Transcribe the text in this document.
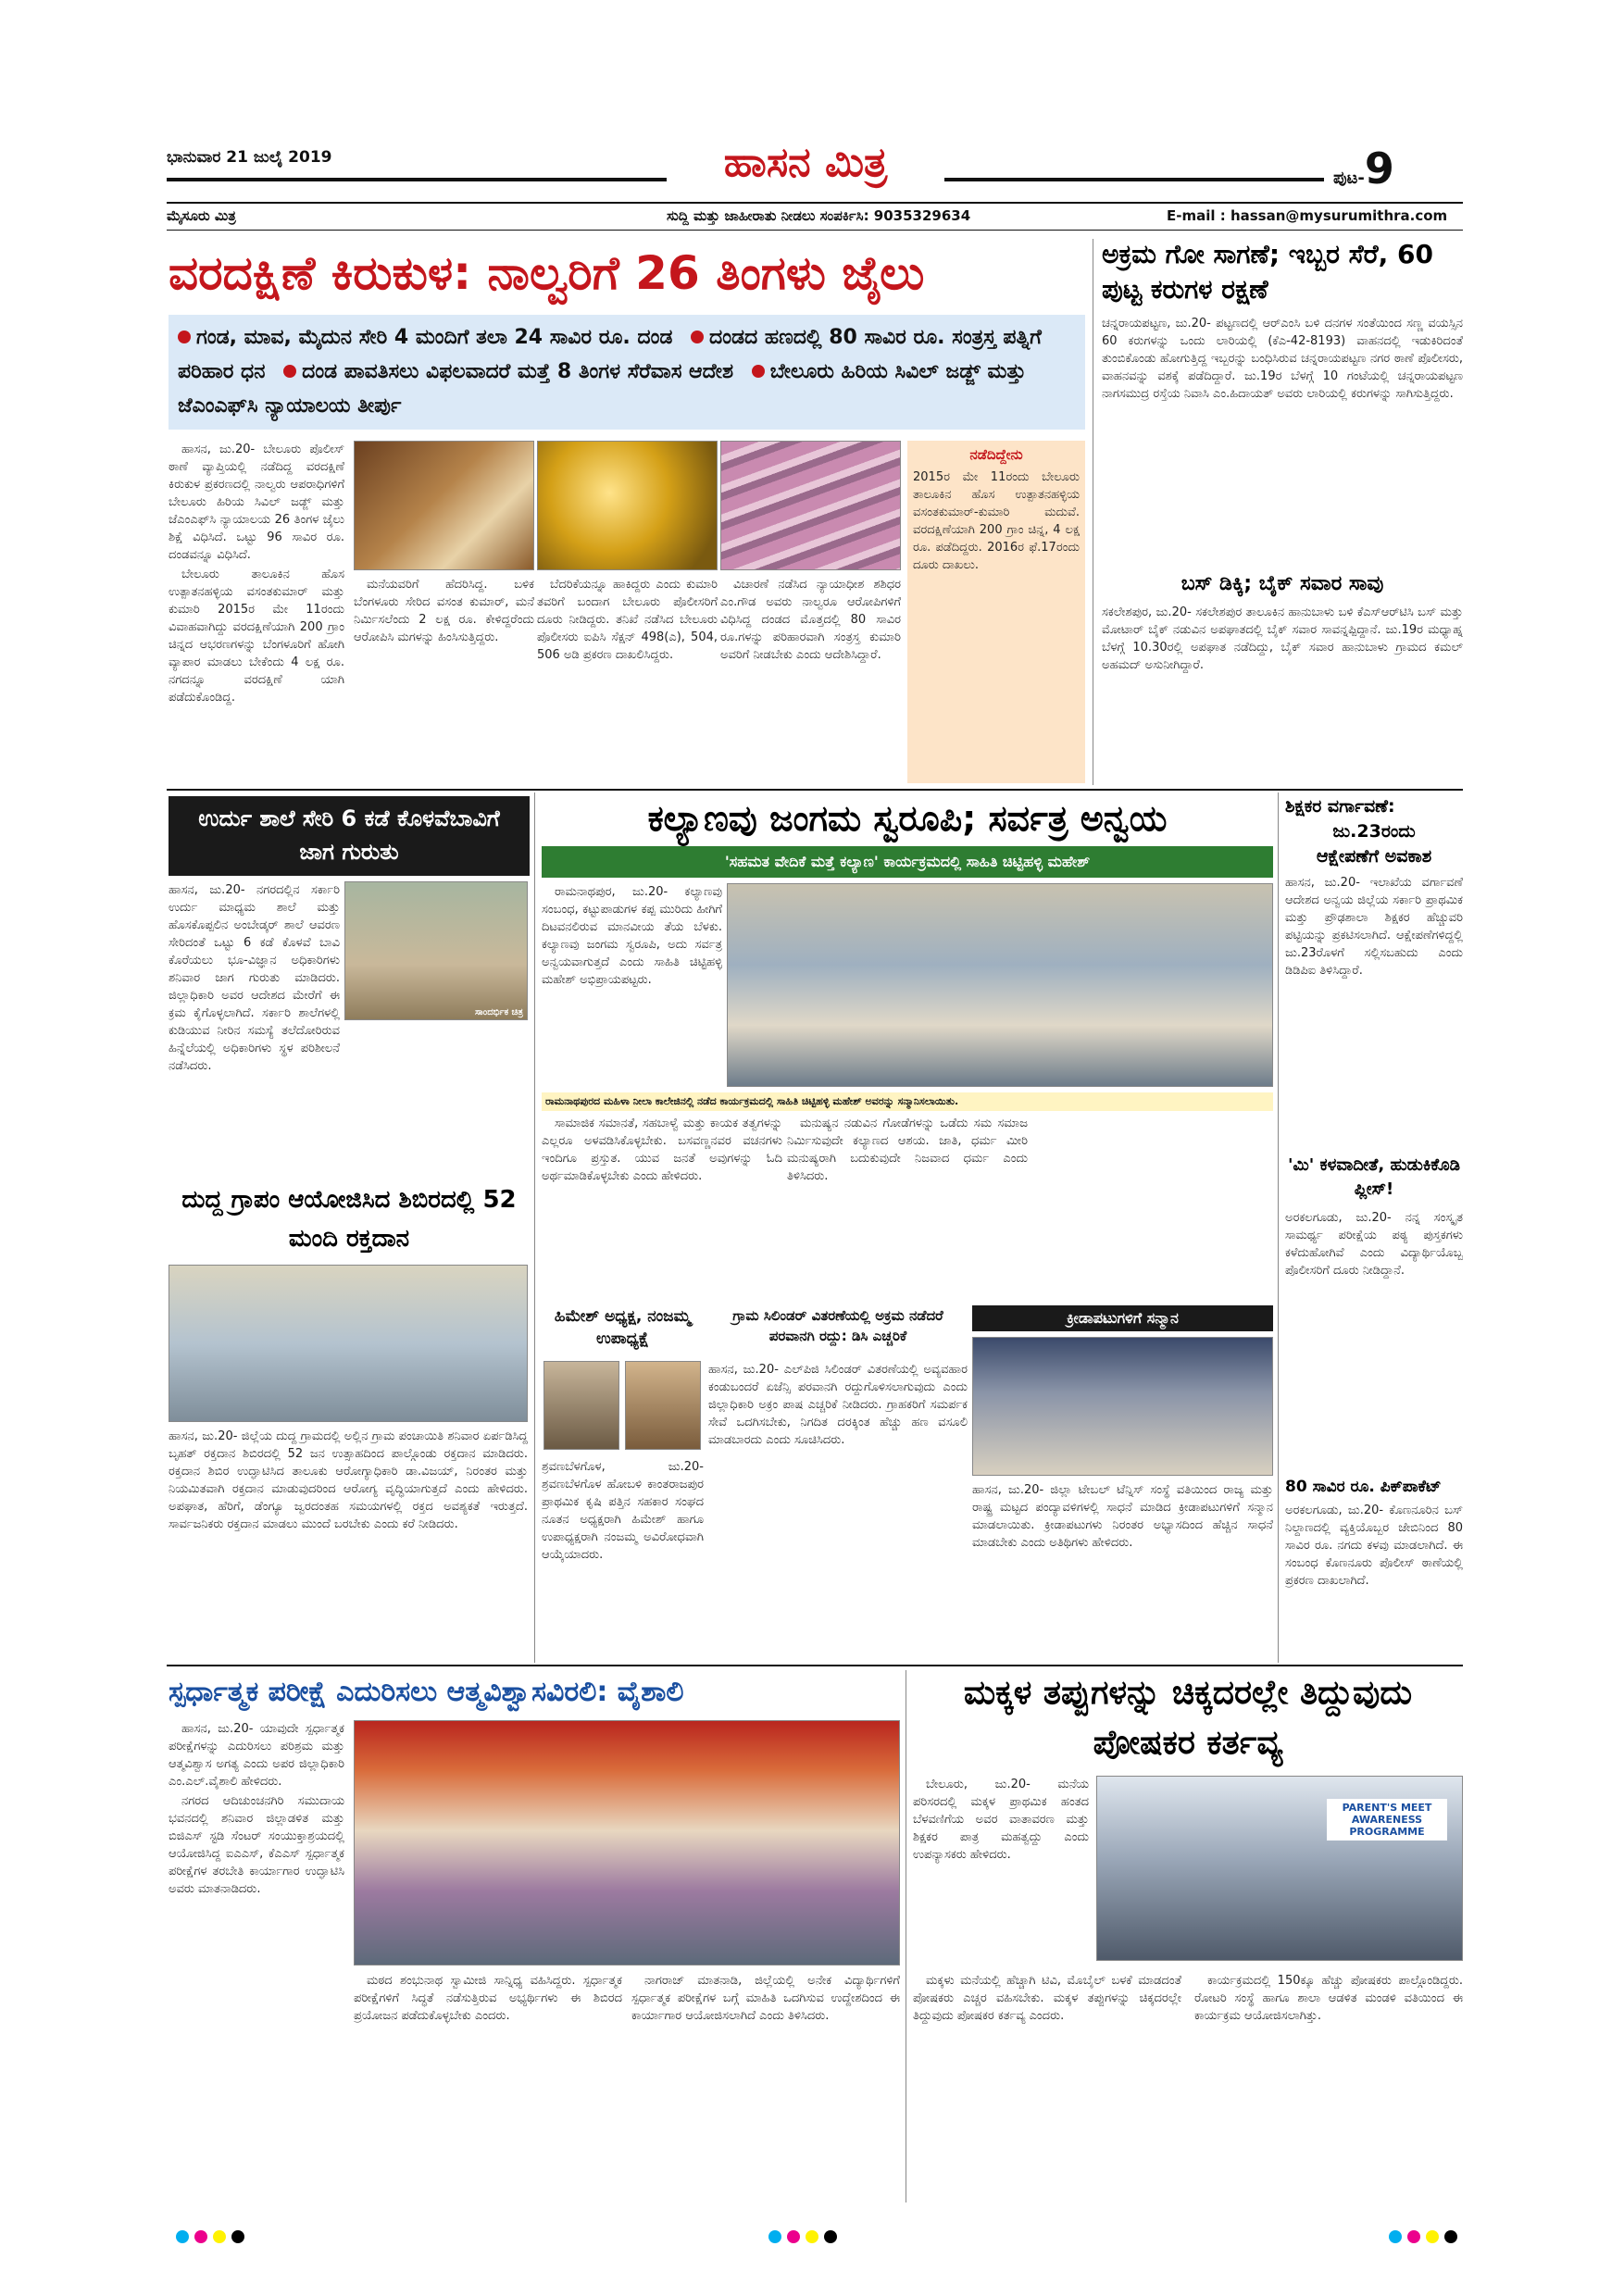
ಭಾನುವಾರ 21 ಜುಲೈ 2019	ಹಾಸನ ಮಿತ್ರ	ಪುಟ-9
ಮೈಸೂರು ಮಿತ್ರ	ಸುದ್ದಿ ಮತ್ತು ಜಾಹೀರಾತು ನೀಡಲು ಸಂಪರ್ಕಿಸಿ: 9035329634	E-mail : hassan@mysurumithra.com
ವರದಕ್ಷಿಣೆ ಕಿರುಕುಳ: ನಾಲ್ವರಿಗೆ 26 ತಿಂಗಳು ಜೈಲು
ಗಂಡ, ಮಾವ, ಮೈದುನ ಸೇರಿ 4 ಮಂದಿಗೆ ತಲಾ 24 ಸಾವಿರ ರೂ. ದಂಡ ದಂಡದ ಹಣದಲ್ಲಿ 80 ಸಾವಿರ ರೂ. ಸಂತ್ರಸ್ತ ಪತ್ನಿಗೆ ಪರಿಹಾರ ಧನ ದಂಡ ಪಾವತಿಸಲು ವಿಫಲವಾದರೆ ಮತ್ತೆ 8 ತಿಂಗಳ ಸೆರೆವಾಸ ಆದೇಶ ಬೇಲೂರು ಹಿರಿಯ ಸಿವಿಲ್ ಜಡ್ಜ್ ಮತ್ತು ಜೆಎಂಎಫ್‌ಸಿ ನ್ಯಾಯಾಲಯ ತೀರ್ಪು

ಹಾಸನ, ಜು.20- ಬೇಲೂರು ಪೊಲೀಸ್ ಠಾಣೆ ವ್ಯಾಪ್ತಿಯಲ್ಲಿ ನಡೆದಿದ್ದ ವರದಕ್ಷಿಣೆ ಕಿರುಕುಳ ಪ್ರಕರಣದಲ್ಲಿ ನಾಲ್ವರು ಆಪರಾಧಿಗಳಿಗೆ ಬೇಲೂರು ಹಿರಿಯ ಸಿವಿಲ್ ಜಡ್ಜ್ ಮತ್ತು ಜೆಎಂಎಫ್‌ಸಿ ನ್ಯಾಯಾಲಯ 26 ತಿಂಗಳ ಜೈಲು ಶಿಕ್ಷೆ ವಿಧಿಸಿದೆ. ಒಟ್ಟು 96 ಸಾವಿರ ರೂ. ದಂಡವನ್ನೂ ವಿಧಿಸಿದೆ.

ಬೇಲೂರು ತಾಲೂಕಿನ ಹೊಸ ಉತ್ಪಾತನಹಳ್ಳಿಯ ವಸಂತಕುಮಾರ್ ಮತ್ತು ಕುಮಾರಿ 2015ರ ಮೇ 11ರಂದು ವಿವಾಹವಾಗಿದ್ದು ವರದಕ್ಷಿಣೆಯಾಗಿ 200 ಗ್ರಾಂ ಚಿನ್ನದ ಆಭರಣಗಳನ್ನು ಬೆಂಗಳೂರಿಗೆ ಹೋಗಿ ವ್ಯಾಪಾರ ಮಾಡಲು ಬೇಕೆಂದು 4 ಲಕ್ಷ ರೂ. ನಗದನ್ನೂ ವರದಕ್ಷಿಣೆ ಯಾಗಿ ಪಡೆದುಕೊಂಡಿದ್ದ.

ಮನೆಯವರಿಗೆ ಹೆದರಿಸಿದ್ದ. ಬಳಿಕ ಬೆಂಗಳೂರು ಸೇರಿದ ವಸಂತ ಕುಮಾರ್, ಮನೆ ನಿರ್ಮಿಸಲೆಂದು 2 ಲಕ್ಷ ರೂ. ಕೇಳಿದ್ದರೆಂದು ಆರೋಪಿಸಿ ಮಗಳನ್ನು ಹಿಂಸಿಸುತ್ತಿದ್ದರು.

ಬೆದರಿಕೆಯನ್ನೂ ಹಾಕಿದ್ದರು ಎಂದು ಕುಮಾರಿ ತವರಿಗೆ ಬಂದಾಗ ಬೇಲೂರು ಪೊಲೀಸರಿಗೆ ದೂರು ನೀಡಿದ್ದರು. ತನಿಖೆ ನಡೆಸಿದ ಬೇಲೂರು ಪೊಲೀಸರು ಐಪಿಸಿ ಸೆಕ್ಷನ್ 498(ಎ), 504, 506 ಅಡಿ ಪ್ರಕರಣ ದಾಖಲಿಸಿದ್ದರು.

ವಿಚಾರಣೆ ನಡೆಸಿದ ನ್ಯಾಯಾಧೀಶ ಶಶಿಧರ ಎಂ.ಗೌಡ ಅವರು ನಾಲ್ವರೂ ಆರೋಪಿಗಳಿಗೆ ವಿಧಿಸಿದ್ದ ದಂಡದ ಮೊತ್ತದಲ್ಲಿ 80 ಸಾವಿರ ರೂ.ಗಳನ್ನು ಪರಿಹಾರವಾಗಿ ಸಂತ್ರಸ್ತ ಕುಮಾರಿ ಅವರಿಗೆ ನೀಡಬೇಕು ಎಂದು ಆದೇಶಿಸಿದ್ದಾರೆ.

ನಡೆದಿದ್ದೇನು
2015ರ ಮೇ 11ರಂದು ಬೇಲೂರು ತಾಲೂಕಿನ ಹೊಸ ಉತ್ಪಾತನಹಳ್ಳಿಯ ವಸಂತಕುಮಾರ್-ಕುಮಾರಿ ಮದುವೆ. ವರದಕ್ಷಿಣೆಯಾಗಿ 200 ಗ್ರಾಂ ಚಿನ್ನ, 4 ಲಕ್ಷ ರೂ. ಪಡೆದಿದ್ದರು. 2016ರ ಫೆ.17ರಂದು ದೂರು ದಾಖಲು.
ಅಕ್ರಮ ಗೋ ಸಾಗಣೆ; ಇಬ್ಬರ ಸೆರೆ, 60 ಪುಟ್ಟ ಕರುಗಳ ರಕ್ಷಣೆ
ಚನ್ನರಾಯಪಟ್ಟಣ, ಜು.20- ಪಟ್ಟಣದಲ್ಲಿ ಆರ್‌ಎಂಸಿ ಬಳಿ ದನಗಳ ಸಂತೆಯಿಂದ ಸಣ್ಣ ವಯಸ್ಸಿನ 60 ಕರುಗಳನ್ನು ಒಂದು ಲಾರಿಯಲ್ಲಿ (ಕೆಎ-42-8193) ವಾಹನದಲ್ಲಿ ಇಡುಕಿರಿದಂತೆ ತುಂಬಿಕೊಂಡು ಹೋಗುತ್ತಿದ್ದ ಇಬ್ಬರನ್ನು ಬಂಧಿಸಿರುವ ಚನ್ನರಾಯಪಟ್ಟಣ ನಗರ ಠಾಣೆ ಪೊಲೀಸರು, ವಾಹನವನ್ನು ವಶಕ್ಕೆ ಪಡೆದಿದ್ದಾರೆ. ಜು.19ರ ಬೆಳಗ್ಗೆ 10 ಗಂಟೆಯಲ್ಲಿ ಚನ್ನರಾಯಪಟ್ಟಣ ನಾಗಸಮುದ್ರ ರಸ್ತೆಯ ನಿವಾಸಿ ಎಂ.ಹಿದಾಯತ್ ಅವರು ಲಾರಿಯಲ್ಲಿ ಕರುಗಳನ್ನು ಸಾಗಿಸುತ್ತಿದ್ದರು.
ಬಸ್ ಡಿಕ್ಕಿ; ಬೈಕ್ ಸವಾರ ಸಾವು
ಸಕಲೇಶಪುರ, ಜು.20- ಸಕಲೇಶಪುರ ತಾಲೂಕಿನ ಹಾನುಬಾಳು ಬಳಿ ಕೆಎಸ್‌ಆರ್‌ಟಿಸಿ ಬಸ್ ಮತ್ತು ಮೋಟಾರ್ ಬೈಕ್ ನಡುವಿನ ಅಪಘಾತದಲ್ಲಿ ಬೈಕ್ ಸವಾರ ಸಾವನ್ನಪ್ಪಿದ್ದಾನೆ. ಜು.19ರ ಮಧ್ಯಾಹ್ನ ಬೆಳಗ್ಗೆ 10.30ರಲ್ಲಿ ಅಪಘಾತ ನಡೆದಿದ್ದು, ಬೈಕ್ ಸವಾರ ಹಾನುಬಾಳು ಗ್ರಾಮದ ಕಮಲ್ ಅಹಮದ್ ಅಸುನೀಗಿದ್ದಾರೆ.
ಉರ್ದು ಶಾಲೆ ಸೇರಿ 6 ಕಡೆ ಕೊಳವೆಬಾವಿಗೆ ಜಾಗ ಗುರುತು
ಸಾಂದರ್ಭಿಕ ಚಿತ್ರ
ಹಾಸನ, ಜು.20- ನಗರದಲ್ಲಿನ ಸರ್ಕಾರಿ ಉರ್ದು ಮಾಧ್ಯಮ ಶಾಲೆ ಮತ್ತು ಹೊಸಕೊಪ್ಪಲಿನ ಅಂಬೇಡ್ಕರ್ ಶಾಲೆ ಆವರಣ ಸೇರಿದಂತೆ ಒಟ್ಟು 6 ಕಡೆ ಕೊಳವೆ ಬಾವಿ ಕೊರೆಯಲು ಭೂ-ವಿಜ್ಞಾನ ಅಧಿಕಾರಿಗಳು ಶನಿವಾರ ಜಾಗ ಗುರುತು ಮಾಡಿದರು. ಜಿಲ್ಲಾಧಿಕಾರಿ ಅವರ ಆದೇಶದ ಮೇರೆಗೆ ಈ ಕ್ರಮ ಕೈಗೊಳ್ಳಲಾಗಿದೆ. ಸರ್ಕಾರಿ ಶಾಲೆಗಳಲ್ಲಿ ಕುಡಿಯುವ ನೀರಿನ ಸಮಸ್ಯೆ ತಲೆದೋರಿರುವ ಹಿನ್ನೆಲೆಯಲ್ಲಿ ಅಧಿಕಾರಿಗಳು ಸ್ಥಳ ಪರಿಶೀಲನೆ ನಡೆಸಿದರು.
ದುದ್ದ ಗ್ರಾಪಂ ಆಯೋಜಿಸಿದ ಶಿಬಿರದಲ್ಲಿ 52 ಮಂದಿ ರಕ್ತದಾನ
ಹಾಸನ, ಜು.20- ಜಿಲ್ಲೆಯ ದುದ್ದ ಗ್ರಾಮದಲ್ಲಿ ಅಲ್ಲಿನ ಗ್ರಾಮ ಪಂಚಾಯಿತಿ ಶನಿವಾರ ಏರ್ಪಡಿಸಿದ್ದ ಬೃಹತ್ ರಕ್ತದಾನ ಶಿಬಿರದಲ್ಲಿ 52 ಜನ ಉತ್ಸಾಹದಿಂದ ಪಾಲ್ಗೊಂಡು ರಕ್ತದಾನ ಮಾಡಿದರು. ರಕ್ತದಾನ ಶಿಬಿರ ಉದ್ಘಾಟಿಸಿದ ತಾಲೂಕು ಆರೋಗ್ಯಾಧಿಕಾರಿ ಡಾ.ವಿಜಯ್, ನಿರಂತರ ಮತ್ತು ನಿಯಮಿತವಾಗಿ ರಕ್ತದಾನ ಮಾಡುವುದರಿಂದ ಆರೋಗ್ಯ ವೃದ್ಧಿಯಾಗುತ್ತದೆ ಎಂದು ಹೇಳಿದರು. ಅಪಘಾತ, ಹೆರಿಗೆ, ಡೆಂಗ್ಯೂ ಜ್ವರದಂತಹ ಸಮಯಗಳಲ್ಲಿ ರಕ್ತದ ಅವಶ್ಯಕತೆ ಇರುತ್ತದೆ. ಸಾರ್ವಜನಿಕರು ರಕ್ತದಾನ ಮಾಡಲು ಮುಂದೆ ಬರಬೇಕು ಎಂದು ಕರೆ ನೀಡಿದರು.
ಕಲ್ಯಾಣವು ಜಂಗಮ ಸ್ವರೂಪಿ; ಸರ್ವತ್ರ ಅನ್ವಯ
'ಸಹಮತ ವೇದಿಕೆ ಮತ್ತೆ ಕಲ್ಯಾಣ' ಕಾರ್ಯಕ್ರಮದಲ್ಲಿ ಸಾಹಿತಿ ಚಿಟ್ಟಿಹಳ್ಳಿ ಮಹೇಶ್

ರಾಮನಾಥಪುರ, ಜು.20- ಕಲ್ಯಾಣವು ಸಂಬಂಧ, ಕಟ್ಟುಪಾಡುಗಳ ಕಪ್ಪ ಮುರಿದು ಹೀಗಿಗೆ ದಿಟವನಲಿರುವ ಮಾನವೀಯ ತೆಯ ಬೆಳಕು. ಕಲ್ಯಾಣವು ಜಂಗಮ ಸ್ವರೂಪಿ, ಅದು ಸರ್ವತ್ರ ಅನ್ವಯವಾಗುತ್ತದೆ ಎಂದು ಸಾಹಿತಿ ಚಿಟ್ಟಿಹಳ್ಳಿ ಮಹೇಶ್ ಅಭಿಪ್ರಾಯಪಟ್ಟರು.

ರಾಮನಾಥಪುರದ ಮಹಿಳಾ ನೀಲಾ ಕಾಲೇಜಿನಲ್ಲಿ ನಡೆದ ಕಾರ್ಯಕ್ರಮದಲ್ಲಿ ಸಾಹಿತಿ ಚಿಟ್ಟಿಹಳ್ಳಿ ಮಹೇಶ್ ಅವರನ್ನು ಸನ್ಮಾನಿಸಲಾಯಿತು.

ಸಾಮಾಜಿಕ ಸಮಾನತೆ, ಸಹಬಾಳ್ವೆ ಮತ್ತು ಕಾಯಕ ತತ್ವಗಳನ್ನು ಎಲ್ಲರೂ ಅಳವಡಿಸಿಕೊಳ್ಳಬೇಕು. ಬಸವಣ್ಣನವರ ವಚನಗಳು ಇಂದಿಗೂ ಪ್ರಸ್ತುತ. ಯುವ ಜನತೆ ಅವುಗಳನ್ನು ಓದಿ ಅರ್ಥಮಾಡಿಕೊಳ್ಳಬೇಕು ಎಂದು ಹೇಳಿದರು.

ಮನುಷ್ಯನ ನಡುವಿನ ಗೋಡೆಗಳನ್ನು ಒಡೆದು ಸಮ ಸಮಾಜ ನಿರ್ಮಿಸುವುದೇ ಕಲ್ಯಾಣದ ಆಶಯ. ಜಾತಿ, ಧರ್ಮ ಮೀರಿ ಮನುಷ್ಯರಾಗಿ ಬದುಕುವುದೇ ನಿಜವಾದ ಧರ್ಮ ಎಂದು ತಿಳಿಸಿದರು.

ಹಿಮೇಶ್ ಅಧ್ಯಕ್ಷ, ನಂಜಮ್ಮ ಉಪಾಧ್ಯಕ್ಷೆ
ಶ್ರವಣಬೆಳಗೊಳ, ಜು.20- ಶ್ರವಣಬೆಳಗೊಳ ಹೋಬಳಿ ಕಾಂತರಾಜಪುರ ಪ್ರಾಥಮಿಕ ಕೃಷಿ ಪತ್ತಿನ ಸಹಕಾರ ಸಂಘದ ನೂತನ ಅಧ್ಯಕ್ಷರಾಗಿ ಹಿಮೇಶ್ ಹಾಗೂ ಉಪಾಧ್ಯಕ್ಷರಾಗಿ ನಂಜಮ್ಮ ಅವಿರೋಧವಾಗಿ ಆಯ್ಕೆಯಾದರು.
ಗ್ರಾಮ ಸಿಲಿಂಡರ್ ವಿತರಣೆಯಲ್ಲಿ ಅಕ್ರಮ ನಡೆದರೆ ಪರವಾನಗಿ ರದ್ದು: ಡಿಸಿ ಎಚ್ಚರಿಕೆ
ಹಾಸನ, ಜು.20- ಎಲ್‌ಪಿಜಿ ಸಿಲಿಂಡರ್ ವಿತರಣೆಯಲ್ಲಿ ಅವ್ಯವಹಾರ ಕಂಡುಬಂದರೆ ಏಜೆನ್ಸಿ ಪರವಾನಗಿ ರದ್ದುಗೊಳಿಸಲಾಗುವುದು ಎಂದು ಜಿಲ್ಲಾಧಿಕಾರಿ ಅಕ್ರಂ ಪಾಷ ಎಚ್ಚರಿಕೆ ನೀಡಿದರು. ಗ್ರಾಹಕರಿಗೆ ಸಮರ್ಪಕ ಸೇವೆ ಒದಗಿಸಬೇಕು, ನಿಗದಿತ ದರಕ್ಕಿಂತ ಹೆಚ್ಚು ಹಣ ವಸೂಲಿ ಮಾಡಬಾರದು ಎಂದು ಸೂಚಿಸಿದರು.
ಕ್ರೀಡಾಪಟುಗಳಿಗೆ ಸನ್ಮಾನ
ಹಾಸನ, ಜು.20- ಜಿಲ್ಲಾ ಟೇಬಲ್ ಟೆನ್ನಿಸ್ ಸಂಸ್ಥೆ ವತಿಯಿಂದ ರಾಜ್ಯ ಮತ್ತು ರಾಷ್ಟ್ರ ಮಟ್ಟದ ಪಂದ್ಯಾವಳಿಗಳಲ್ಲಿ ಸಾಧನೆ ಮಾಡಿದ ಕ್ರೀಡಾಪಟುಗಳಿಗೆ ಸನ್ಮಾನ ಮಾಡಲಾಯಿತು. ಕ್ರೀಡಾಪಟುಗಳು ನಿರಂತರ ಅಭ್ಯಾಸದಿಂದ ಹೆಚ್ಚಿನ ಸಾಧನೆ ಮಾಡಬೇಕು ಎಂದು ಅತಿಥಿಗಳು ಹೇಳಿದರು.
ಶಿಕ್ಷಕರ ವರ್ಗಾವಣೆ:
ಜು.23ರಂದು
ಆಕ್ಷೇಪಣೆಗೆ ಅವಕಾಶ
ಹಾಸನ, ಜು.20- ಇಲಾಖೆಯ ವರ್ಗಾವಣೆ ಆದೇಶದ ಅನ್ವಯ ಜಿಲ್ಲೆಯ ಸರ್ಕಾರಿ ಪ್ರಾಥಮಿಕ ಮತ್ತು ಪ್ರೌಢಶಾಲಾ ಶಿಕ್ಷಕರ ಹೆಚ್ಚುವರಿ ಪಟ್ಟಿಯನ್ನು ಪ್ರಕಟಿಸಲಾಗಿದೆ. ಆಕ್ಷೇಪಣೆಗಳಿದ್ದಲ್ಲಿ ಜು.23ರೊಳಗೆ ಸಲ್ಲಿಸಬಹುದು ಎಂದು ಡಿಡಿಪಿಐ ತಿಳಿಸಿದ್ದಾರೆ.
'ಮಿ' ಕಳವಾದೀತೆ, ಹುಡುಕಿಕೊಡಿ ಪ್ಲೀಸ್!
ಅರಕಲಗೂಡು, ಜು.20- ನನ್ನ ಸಂಸ್ಕೃತ ಸಾಮರ್ಥ್ಯ ಪರೀಕ್ಷೆಯ ಪಠ್ಯ ಪುಸ್ತಕಗಳು ಕಳೆದುಹೋಗಿವೆ ಎಂದು ವಿದ್ಯಾರ್ಥಿಯೊಬ್ಬ ಪೊಲೀಸರಿಗೆ ದೂರು ನೀಡಿದ್ದಾನೆ.
80 ಸಾವಿರ ರೂ. ಪಿಕ್‌ಪಾಕೆಟ್
ಅರಕಲಗೂಡು, ಜು.20- ಕೊಣನೂರಿನ ಬಸ್ ನಿಲ್ದಾಣದಲ್ಲಿ ವ್ಯಕ್ತಿಯೊಬ್ಬರ ಜೇಬಿನಿಂದ 80 ಸಾವಿರ ರೂ. ನಗದು ಕಳವು ಮಾಡಲಾಗಿದೆ. ಈ ಸಂಬಂಧ ಕೊಣನೂರು ಪೊಲೀಸ್ ಠಾಣೆಯಲ್ಲಿ ಪ್ರಕರಣ ದಾಖಲಾಗಿದೆ.
ಸ್ಪರ್ಧಾತ್ಮಕ ಪರೀಕ್ಷೆ ಎದುರಿಸಲು ಆತ್ಮವಿಶ್ವಾಸವಿರಲಿ: ವೈಶಾಲಿ

ಹಾಸನ, ಜು.20- ಯಾವುದೇ ಸ್ಪರ್ಧಾತ್ಮಕ ಪರೀಕ್ಷೆಗಳನ್ನು ಎದುರಿಸಲು ಪರಿಶ್ರಮ ಮತ್ತು ಆತ್ಮವಿಶ್ವಾಸ ಅಗತ್ಯ ಎಂದು ಅಪರ ಜಿಲ್ಲಾಧಿಕಾರಿ ಎಂ.ಎಲ್.ವೈಶಾಲಿ ಹೇಳಿದರು.

ನಗರದ ಆದಿಚುಂಚನಗಿರಿ ಸಮುದಾಯ ಭವನದಲ್ಲಿ ಶನಿವಾರ ಜಿಲ್ಲಾಡಳಿತ ಮತ್ತು ಬಿಜಿಎಸ್ ಸ್ಟಡಿ ಸೆಂಟರ್ ಸಂಯುಕ್ತಾಶ್ರಯದಲ್ಲಿ ಆಯೋಜಿಸಿದ್ದ ಐಎಎಸ್, ಕೆಎಎಸ್ ಸ್ಪರ್ಧಾತ್ಮಕ ಪರೀಕ್ಷೆಗಳ ತರಬೇತಿ ಕಾರ್ಯಾಗಾರ ಉದ್ಘಾಟಿಸಿ ಅವರು ಮಾತನಾಡಿದರು.

ಮಠದ ಶಂಭುನಾಥ ಸ್ವಾಮೀಜಿ ಸಾನ್ನಿಧ್ಯ ವಹಿಸಿದ್ದರು. ಸ್ಪರ್ಧಾತ್ಮಕ ಪರೀಕ್ಷೆಗಳಿಗೆ ಸಿದ್ಧತೆ ನಡೆಸುತ್ತಿರುವ ಅಭ್ಯರ್ಥಿಗಳು ಈ ಶಿಬಿರದ ಪ್ರಯೋಜನ ಪಡೆದುಕೊಳ್ಳಬೇಕು ಎಂದರು.

ನಾಗರಾಜ್ ಮಾತನಾಡಿ, ಜಿಲ್ಲೆಯಲ್ಲಿ ಅನೇಕ ವಿದ್ಯಾರ್ಥಿಗಳಿಗೆ ಸ್ಪರ್ಧಾತ್ಮಕ ಪರೀಕ್ಷೆಗಳ ಬಗ್ಗೆ ಮಾಹಿತಿ ಒದಗಿಸುವ ಉದ್ದೇಶದಿಂದ ಈ ಕಾರ್ಯಾಗಾರ ಆಯೋಜಿಸಲಾಗಿದೆ ಎಂದು ತಿಳಿಸಿದರು.

ಮಕ್ಕಳ ತಪ್ಪುಗಳನ್ನು ಚಿಕ್ಕದರಲ್ಲೇ ತಿದ್ದುವುದು ಪೋಷಕರ ಕರ್ತವ್ಯ

ಬೇಲೂರು, ಜು.20- ಮನೆಯ ಪರಿಸರದಲ್ಲಿ ಮಕ್ಕಳ ಪ್ರಾಥಮಿಕ ಹಂತದ ಬೆಳವಣಿಗೆಯ ಅವರ ವಾತಾವರಣ ಮತ್ತು ಶಿಕ್ಷಕರ ಪಾತ್ರ ಮಹತ್ವದ್ದು ಎಂದು ಉಪನ್ಯಾಸಕರು ಹೇಳಿದರು.

PARENT'S MEET AWARENESS PROGRAMME

ಮಕ್ಕಳು ಮನೆಯಲ್ಲಿ ಹೆಚ್ಚಾಗಿ ಟಿವಿ, ಮೊಬೈಲ್ ಬಳಕೆ ಮಾಡದಂತೆ ಪೋಷಕರು ಎಚ್ಚರ ವಹಿಸಬೇಕು. ಮಕ್ಕಳ ತಪ್ಪುಗಳನ್ನು ಚಿಕ್ಕದರಲ್ಲೇ ತಿದ್ದುವುದು ಪೋಷಕರ ಕರ್ತವ್ಯ ಎಂದರು.

ಕಾರ್ಯಕ್ರಮದಲ್ಲಿ 150ಕ್ಕೂ ಹೆಚ್ಚು ಪೋಷಕರು ಪಾಲ್ಗೊಂಡಿದ್ದರು. ರೋಟರಿ ಸಂಸ್ಥೆ ಹಾಗೂ ಶಾಲಾ ಆಡಳಿತ ಮಂಡಳಿ ವತಿಯಿಂದ ಈ ಕಾರ್ಯಕ್ರಮ ಆಯೋಜಿಸಲಾಗಿತ್ತು.
